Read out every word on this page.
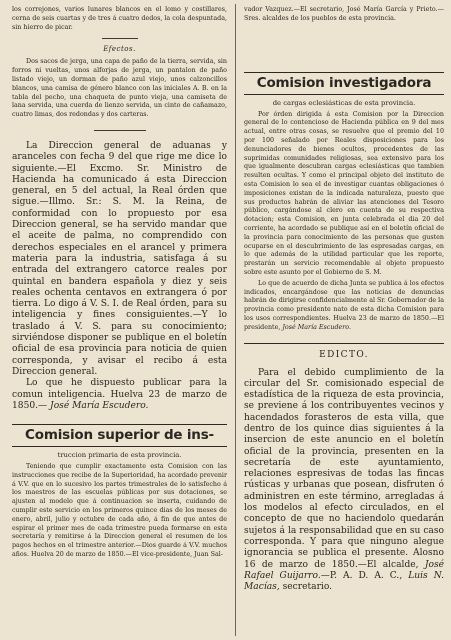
los correjones, varios lunares blancos en el lomo y costillares, cerna de seis cuartas y de tres á cuatro dedos, la cola despuntada, sin hierro de picar.

Efectos.

Dos sacos de jerga, una capa de paño de la tierra, servida, sin forros ni vueltas, unos alforjas de jerga, un pantalon de paño listado viejo, un dorman de paño azul viejo, unos calzoncillos blancos, una camisa de género blanco con las iniciales A. B. en la tabla del pecho, una chaqueta de punto vieja, una camiseta de lana servida, una cuerda de lienzo servida, un cinto de cañamazo, cuatro limas, dos redondas y dos carteras.

La Direccion general de aduanas y aranceles con fecha 9 del que rige me dice lo siguiente.—El Excmo. Sr. Ministro de Hacienda ha comunicado á esta Direccion general, en 5 del actual, la Real órden que sigue.—Illmo. Sr.: S. M. la Reina, de conformidad con lo propuesto por esa Direccion general, se ha servido mandar que el aceite de palma, no comprendido con derechos especiales en el arancel y primera materia para la industria, satisfaga á su entrada del extrangero catorce reales por quintal en bandera española y diez y seis reales ochenta centavos en extrangera ó por tierra. Lo digo á V. S. I. de Real órden, para su inteligencia y fines consiguientes.—Y lo traslado á V. S. para su conocimiento; sirviéndose disponer se publique en el boletín oficial de esa provincia para noticia de quien corresponda, y avisar el recibo á esta Direccion general.

Lo que he dispuesto publicar para la comun inteligencia. Huelva 23 de marzo de 1850.— José María Escudero.

Comision superior de ins-

truccion primaria de esta provincia.

Teniendo que cumplir exactamente esta Comision con las instrucciones que recibe de la Superioridad, ha acordado prevenir á V.V. que en lo sucesivo los partes trimestrales de lo satisfecho á los maestros de las escuelas públicas por sus dotaciones, se ajusten al modelo que á continuacion se inserta, cuidando de cumplir este servicio en los primeros quince dias de los meses de enero, abril, julio y octubre de cada año, á fin de que antes de espirar el primer mes de cada trimestre pueda formarse en esta secretaría y remitirse á la Direccion general el resumen de los pagos hechos en el trimestre anterior.—Dios guarde á V.V. muchos años. Huelva 20 de marzo de 1850.—El vice-presidente, Juan Sal-

vador Vazquez.—El secretario, José María García y Prieto.—Sres. alcaldes de los pueblos de esta provincia.

Comision investigadora

de cargas eclesiásticas de esta provincia.

Por órden dirigida á esta Comision por la Direccion general de lo contencioso de Hacienda pública en 9 del mes actual, entre otras cosas, se resuelve que el premio del 10 por 100 señalado por Reales disposiciones para los denunciadores de bienes ocultos, procedentes de las suprimidas comunidades religiosas, sea extensivo para los que igualmente descubran cargas eclesiásticas que tambien resulten ocultas. Y como el principal objeto del instituto de esta Comision lo sea el de investigar cuantas obligaciones ó imposiciones existan de la indicada naturaleza, puesto que sus productos habrán de aliviar las atenciones del Tesoro público, cargándose al clero en cuenta de su respectiva dotacion; esta Comision, en junta celebrada el dia 20 del corriente, ha acordado se publique así en el boletín oficial de la provincia para conocimiento de las personas que gusten ocuparse en el descubrimiento de las espresadas cargas, en lo que además de la utilidad particular que les reporte, prestarán un servicio recomendable al objeto propuesto sobre este asunto por el Gobierno de S. M.

Lo que de acuerdo de dicha Junta se publica á los efectos indicados, encargándose que las noticias de denuncias habrán de dirigirse confidencialmente al Sr. Gobernador de la provincia como presidente nato de esta dicha Comision para los usos correspondientes. Huelva 23 de marzo de 1850.—El presidente, José María Escudero.

EDICTO.

Para el debido cumplimiento de la circular del Sr. comisionado especial de estadística de la riqueza de esta provincia, se previene á los contribuyentes vecinos y hacendados forasteros de esta villa, que dentro de los quince dias siguientes á la insercion de este anuncio en el boletín oficial de la provincia, presenten en la secretaría de este ayuntamiento, relaciones espresivas de todas las fincas rústicas y urbanas que posean, disfruten ó administren en este término, arregladas á los modelos al efecto circulados, en el concepto de que no haciendolo quedarán sujetos á la responsabilidad que en su caso corresponda. Y para que ninguno alegue ignorancia se publica el presente. Alosno 16 de marzo de 1850.—El alcalde, José Rafael Guijarro.—P. A. D. A. C., Luis N. Macías, secretario.
